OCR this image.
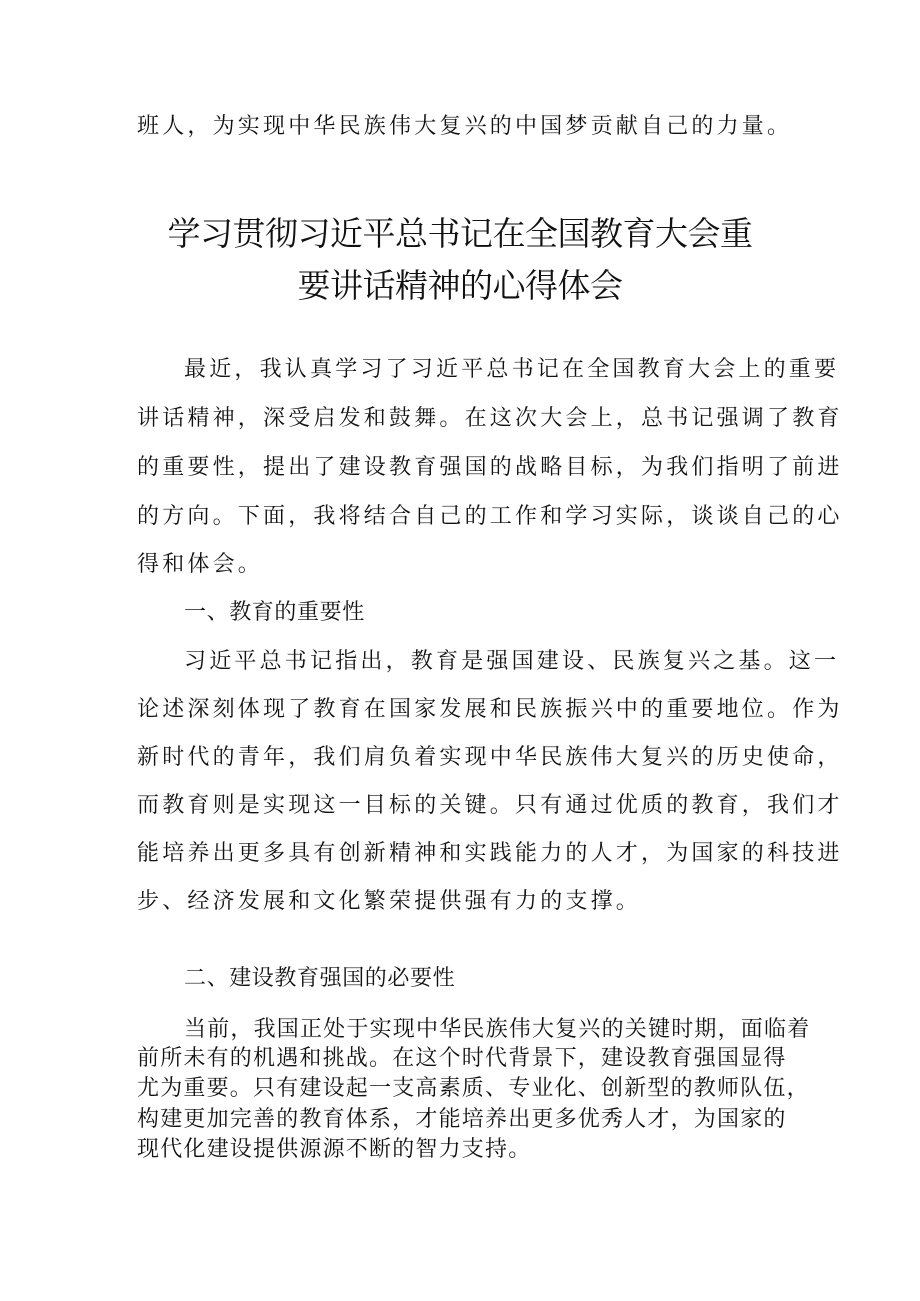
班人，为实现中华民族伟大复兴的中国梦贡献自己的力量。

学习贯彻习近平总书记在全国教育大会重
要讲话精神的心得体会

最近，我认真学习了习近平总书记在全国教育大会上的重要

讲话精神，深受启发和鼓舞。在这次大会上，总书记强调了教育

的重要性，提出了建设教育强国的战略目标，为我们指明了前进

的方向。下面，我将结合自己的工作和学习实际，谈谈自己的心

得和体会。

一、教育的重要性

习近平总书记指出，教育是强国建设、民族复兴之基。这一

论述深刻体现了教育在国家发展和民族振兴中的重要地位。作为

新时代的青年，我们肩负着实现中华民族伟大复兴的历史使命，

而教育则是实现这一目标的关键。只有通过优质的教育，我们才

能培养出更多具有创新精神和实践能力的人才，为国家的科技进

步、经济发展和文化繁荣提供强有力的支撑。

二、建设教育强国的必要性

当前，我国正处于实现中华民族伟大复兴的关键时期，面临着

前所未有的机遇和挑战。在这个时代背景下，建设教育强国显得

尤为重要。只有建设起一支高素质、专业化、创新型的教师队伍，

构建更加完善的教育体系，才能培养出更多优秀人才，为国家的

现代化建设提供源源不断的智力支持。
